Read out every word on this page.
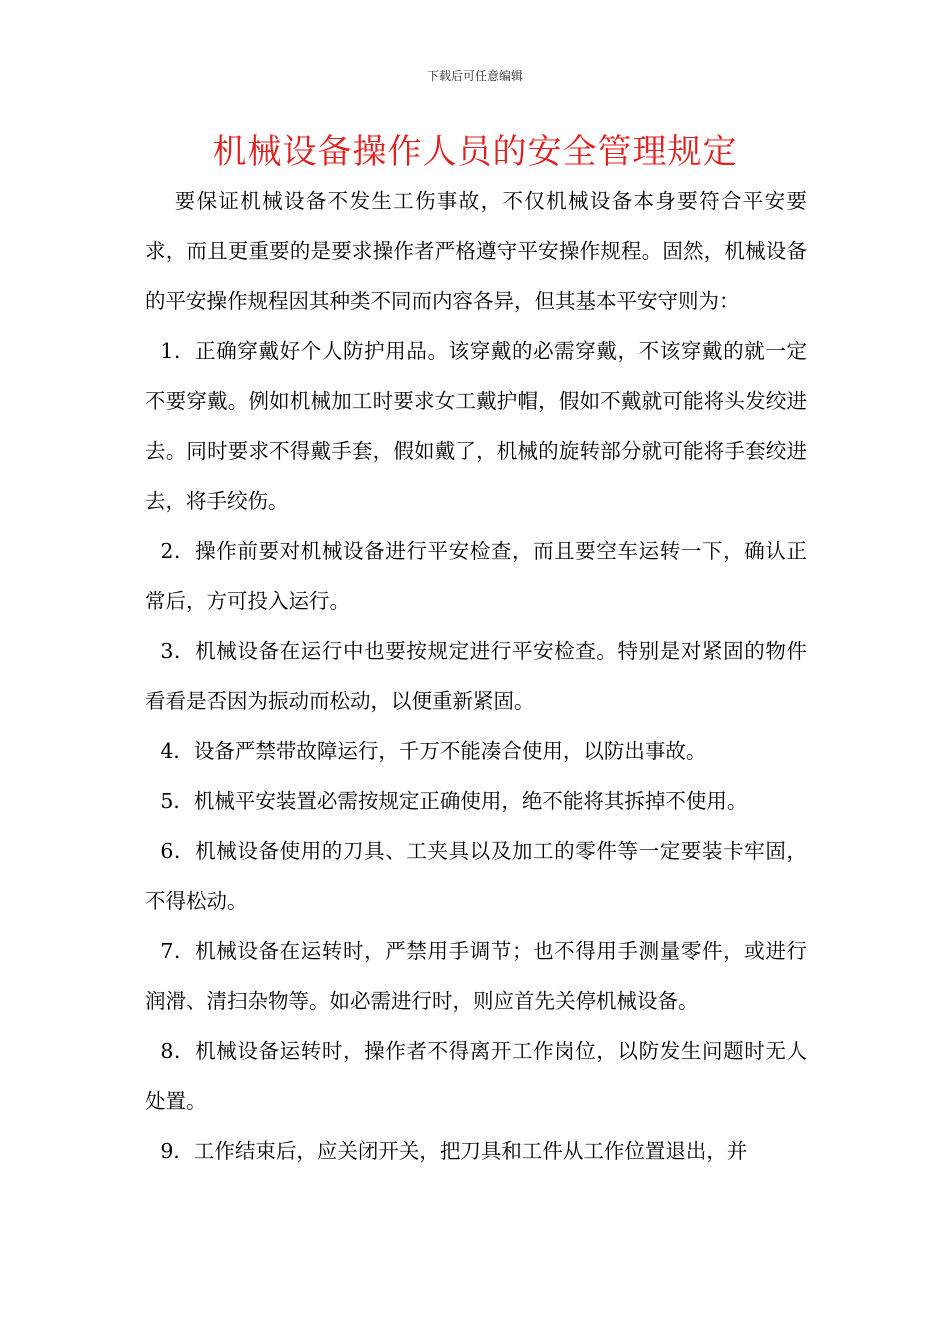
下载后可任意编辑
机械设备操作人员的安全管理规定

要保证机械设备不发生工伤事故，不仅机械设备本身要符合平安要求，而且更重要的是要求操作者严格遵守平安操作规程。固然，机械设备的平安操作规程因其种类不同而内容各异，但其基本平安守则为：

1．正确穿戴好个人防护用品。该穿戴的必需穿戴，不该穿戴的就一定不要穿戴。例如机械加工时要求女工戴护帽，假如不戴就可能将头发绞进去。同时要求不得戴手套，假如戴了，机械的旋转部分就可能将手套绞进去，将手绞伤。

2．操作前要对机械设备进行平安检查，而且要空车运转一下，确认正常后，方可投入运行。

3．机械设备在运行中也要按规定进行平安检查。特别是对紧固的物件看看是否因为振动而松动，以便重新紧固。

4．设备严禁带故障运行，千万不能凑合使用，以防出事故。

5．机械平安装置必需按规定正确使用，绝不能将其拆掉不使用。

6．机械设备使用的刀具、工夹具以及加工的零件等一定要装卡牢固，不得松动。

7．机械设备在运转时，严禁用手调节；也不得用手测量零件，或进行润滑、清扫杂物等。如必需进行时，则应首先关停机械设备。

8．机械设备运转时，操作者不得离开工作岗位，以防发生问题时无人处置。

9．工作结束后，应关闭开关，把刀具和工件从工作位置退出，并
